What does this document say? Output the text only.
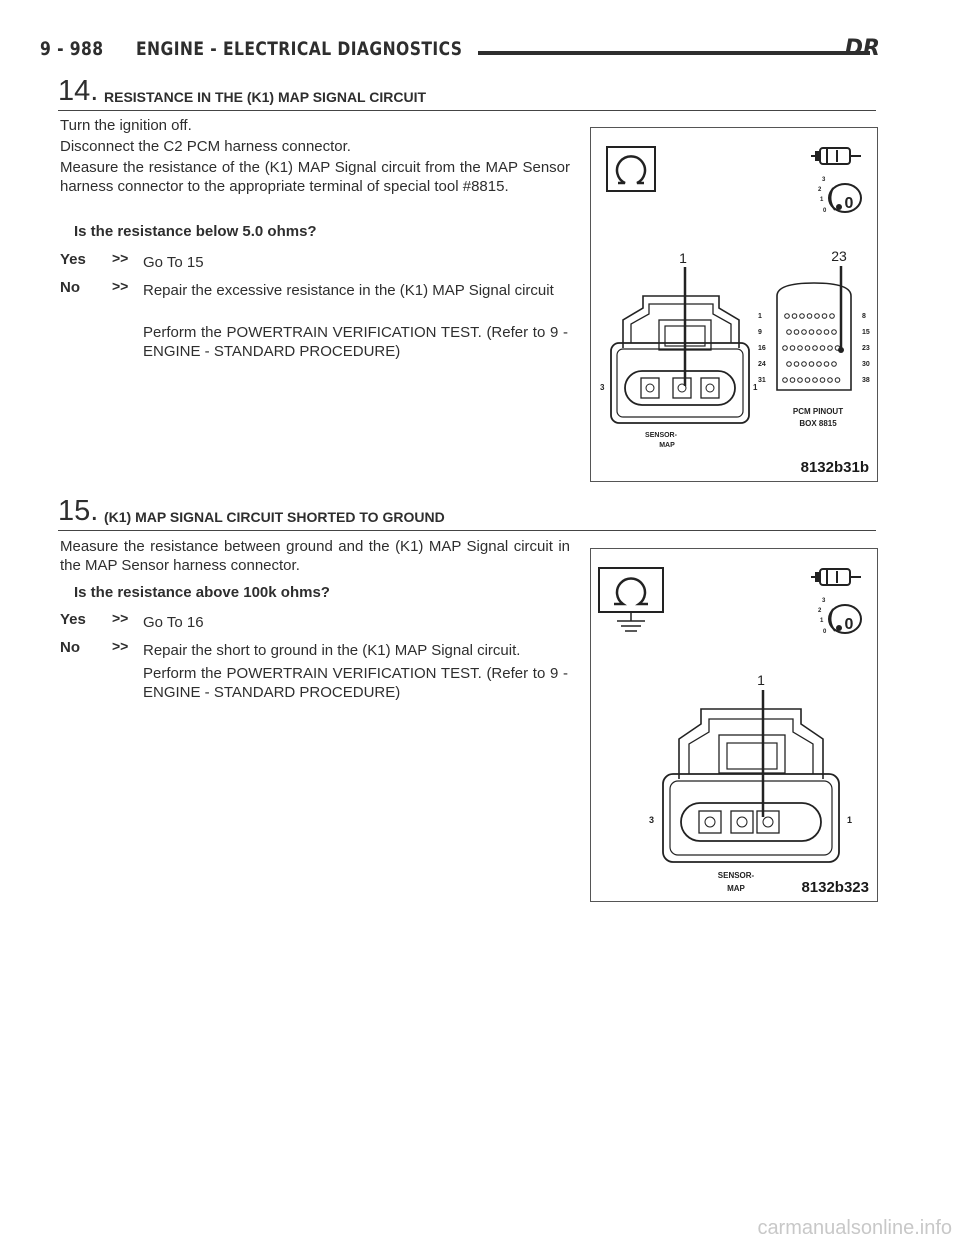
9 - 988 ENGINE - ELECTRICAL DIAGNOSTICS	DR
14. RESISTANCE IN THE (K1) MAP SIGNAL CIRCUIT
Turn the ignition off.
Disconnect the C2 PCM harness connector.
Measure the resistance of the (K1) MAP Signal circuit from the MAP Sensor harness connector to the appropriate terminal of special tool #8815.
Is the resistance below 5.0 ohms?
Yes >> Go To 15
No >> Repair the excessive resistance in the (K1) MAP Signal circuit
Perform the POWERTRAIN VERIFICATION TEST. (Refer to 9 - ENGINE - STANDARD PROCEDURE)
0
3
2
1
0
1
3	1
SENSOR-
MAP
23
1
9
16
24
31
8
15
23
30
38
PCM PINOUT
BOX 8815
8132b31b
15. (K1) MAP SIGNAL CIRCUIT SHORTED TO GROUND
Measure the resistance between ground and the (K1) MAP Signal circuit in the MAP Sensor harness connector.
Is the resistance above 100k ohms?
Yes >> Go To 16
No >> Repair the short to ground in the (K1) MAP Signal circuit.
Perform the POWERTRAIN VERIFICATION TEST. (Refer to 9 - ENGINE - STANDARD PROCEDURE)
0
3
2
1
0
1
3	1
SENSOR-
MAP	8132b323
carmanualsonline.info
